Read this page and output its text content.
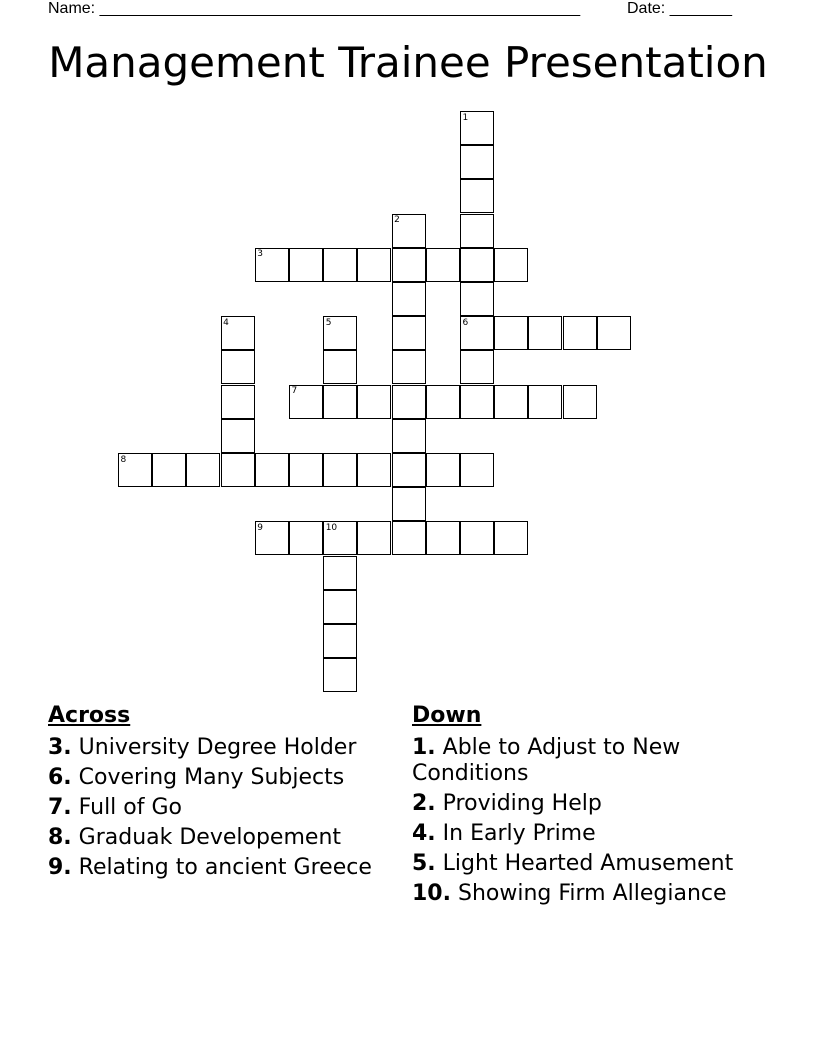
Name: ______________________________________________________	Date: _______
Management Trainee Presentation
1
2
3
4	5	6
7
8
9	10
Across
3. University Degree Holder
6. Covering Many Subjects
7. Full of Go
8. Graduak Developement
9. Relating to ancient Greece
Down
1. Able to Adjust to New Conditions
2. Providing Help
4. In Early Prime
5. Light Hearted Amusement
10. Showing Firm Allegiance
